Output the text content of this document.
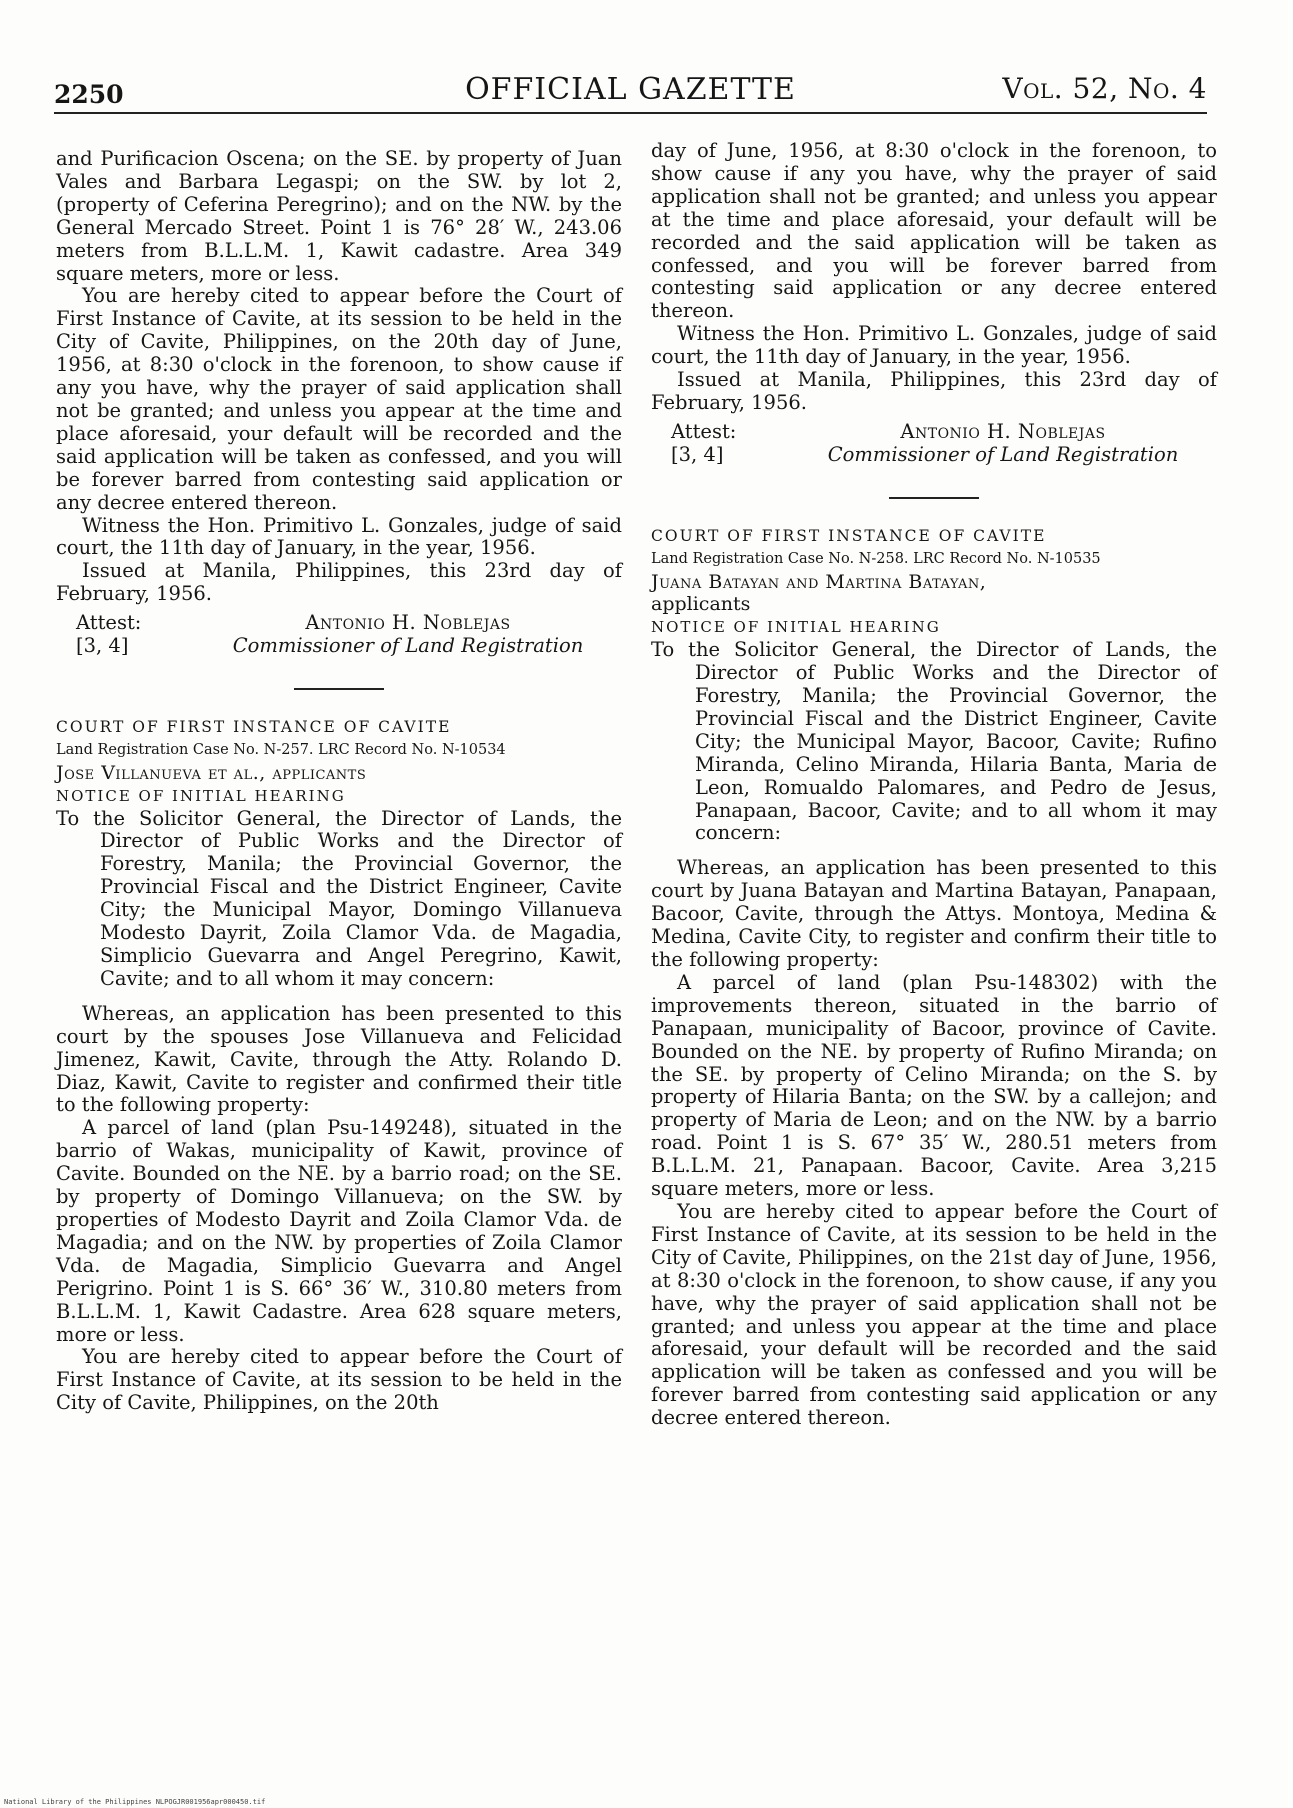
2250	OFFICIAL GAZETTE	Vol. 52, No. 4

and Purificacion Oscena; on the SE. by property of Juan Vales and Barbara Legaspi; on the SW. by lot 2, (property of Ceferina Peregrino); and on the NW. by the General Mercado Street. Point 1 is 76° 28′ W., 243.06 meters from B.L.L.M. 1, Kawit cadastre. Area 349 square meters, more or less.

You are hereby cited to appear before the Court of First Instance of Cavite, at its session to be held in the City of Cavite, Philippines, on the 20th day of June, 1956, at 8:30 o'clock in the forenoon, to show cause if any you have, why the prayer of said application shall not be granted; and unless you appear at the time and place aforesaid, your default will be recorded and the said application will be taken as confessed, and you will be forever barred from contesting said application or any decree entered thereon.

Witness the Hon. Primitivo L. Gonzales, judge of said court, the 11th day of January, in the year, 1956.

Issued at Manila, Philippines, this 23rd day of February, 1956.

Attest:	Antonio H. Noblejas
[3, 4]	Commissioner of Land Registration

COURT OF FIRST INSTANCE OF CAVITE

Land Registration Case No. N-257. LRC Record No. N-10534

Jose Villanueva et al., applicants

NOTICE OF INITIAL HEARING

To the Solicitor General, the Director of Lands, the Director of Public Works and the Director of Forestry, Manila; the Provincial Governor, the Provincial Fiscal and the District Engineer, Cavite City; the Municipal Mayor, Domingo Villanueva Modesto Dayrit, Zoila Clamor Vda. de Magadia, Simplicio Guevarra and Angel Peregrino, Kawit, Cavite; and to all whom it may concern:

Whereas, an application has been presented to this court by the spouses Jose Villanueva and Felicidad Jimenez, Kawit, Cavite, through the Atty. Rolando D. Diaz, Kawit, Cavite to register and confirmed their title to the following property:

A parcel of land (plan Psu-149248), situated in the barrio of Wakas, municipality of Kawit, province of Cavite. Bounded on the NE. by a barrio road; on the SE. by property of Domingo Villanueva; on the SW. by properties of Modesto Dayrit and Zoila Clamor Vda. de Magadia; and on the NW. by properties of Zoila Clamor Vda. de Magadia, Simplicio Guevarra and Angel Perigrino. Point 1 is S. 66° 36′ W., 310.80 meters from B.L.L.M. 1, Kawit Cadastre. Area 628 square meters, more or less.

You are hereby cited to appear before the Court of First Instance of Cavite, at its session to be held in the City of Cavite, Philippines, on the 20th

day of June, 1956, at 8:30 o'clock in the forenoon, to show cause if any you have, why the prayer of said application shall not be granted; and unless you appear at the time and place aforesaid, your default will be recorded and the said application will be taken as confessed, and you will be forever barred from contesting said application or any decree entered thereon.

Witness the Hon. Primitivo L. Gonzales, judge of said court, the 11th day of January, in the year, 1956.

Issued at Manila, Philippines, this 23rd day of February, 1956.

Attest:	Antonio H. Noblejas
[3, 4]	Commissioner of Land Registration

COURT OF FIRST INSTANCE OF CAVITE

Land Registration Case No. N-258. LRC Record No. N-10535

Juana Batayan and Martina Batayan,

applicants

NOTICE OF INITIAL HEARING

To the Solicitor General, the Director of Lands, the Director of Public Works and the Director of Forestry, Manila; the Provincial Governor, the Provincial Fiscal and the District Engineer, Cavite City; the Municipal Mayor, Bacoor, Cavite; Rufino Miranda, Celino Miranda, Hilaria Banta, Maria de Leon, Romualdo Palomares, and Pedro de Jesus, Panapaan, Bacoor, Cavite; and to all whom it may concern:

Whereas, an application has been presented to this court by Juana Batayan and Martina Batayan, Panapaan, Bacoor, Cavite, through the Attys. Montoya, Medina & Medina, Cavite City, to register and confirm their title to the following property:

A parcel of land (plan Psu-148302) with the improvements thereon, situated in the barrio of Panapaan, municipality of Bacoor, province of Cavite. Bounded on the NE. by property of Rufino Miranda; on the SE. by property of Celino Miranda; on the S. by property of Hilaria Banta; on the SW. by a callejon; and property of Maria de Leon; and on the NW. by a barrio road. Point 1 is S. 67° 35′ W., 280.51 meters from B.L.L.M. 21, Panapaan. Bacoor, Cavite. Area 3,215 square meters, more or less.

You are hereby cited to appear before the Court of First Instance of Cavite, at its session to be held in the City of Cavite, Philippines, on the 21st day of June, 1956, at 8:30 o'clock in the forenoon, to show cause, if any you have, why the prayer of said application shall not be granted; and unless you appear at the time and place aforesaid, your default will be recorded and the said application will be taken as confessed and you will be forever barred from contesting said application or any decree entered thereon.

National Library of the Philippines NLPOGJR001956apr000450.tif
